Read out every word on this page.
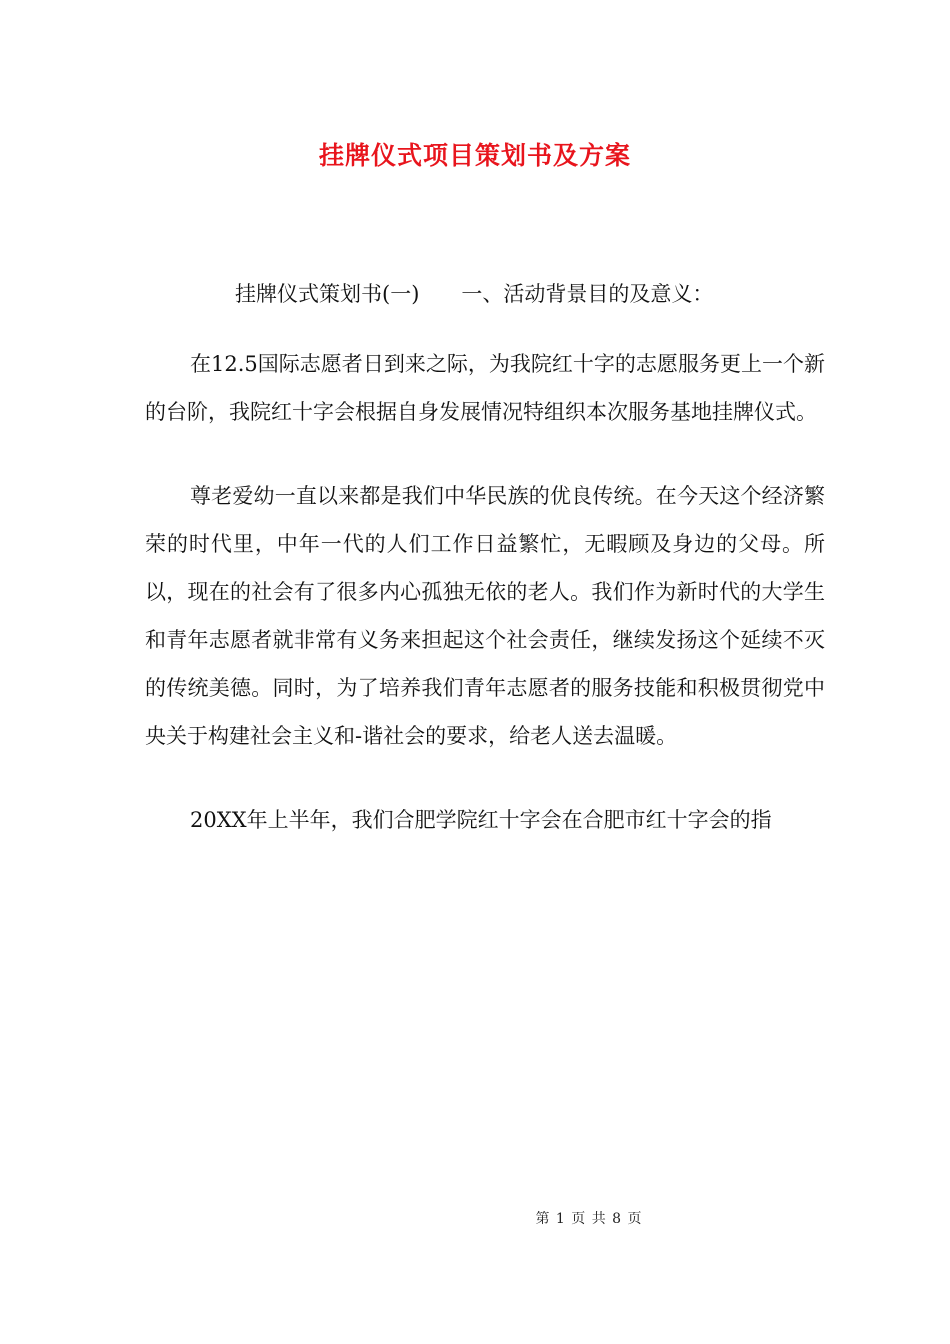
挂牌仪式项目策划书及方案

挂牌仪式策划书(一)　　一、活动背景目的及意义：

在12.5国际志愿者日到来之际，为我院红十字的志愿服务更上一个新的台阶，我院红十字会根据自身发展情况特组织本次服务基地挂牌仪式。

尊老爱幼一直以来都是我们中华民族的优良传统。在今天这个经济繁荣的时代里，中年一代的人们工作日益繁忙，无暇顾及身边的父母。所以，现在的社会有了很多内心孤独无依的老人。我们作为新时代的大学生和青年志愿者就非常有义务来担起这个社会责任，继续发扬这个延续不灭的传统美德。同时，为了培养我们青年志愿者的服务技能和积极贯彻党中央关于构建社会主义和-谐社会的要求，给老人送去温暖。

20XX年上半年，我们合肥学院红十字会在合肥市红十字会的指

第 1 页 共 8 页
